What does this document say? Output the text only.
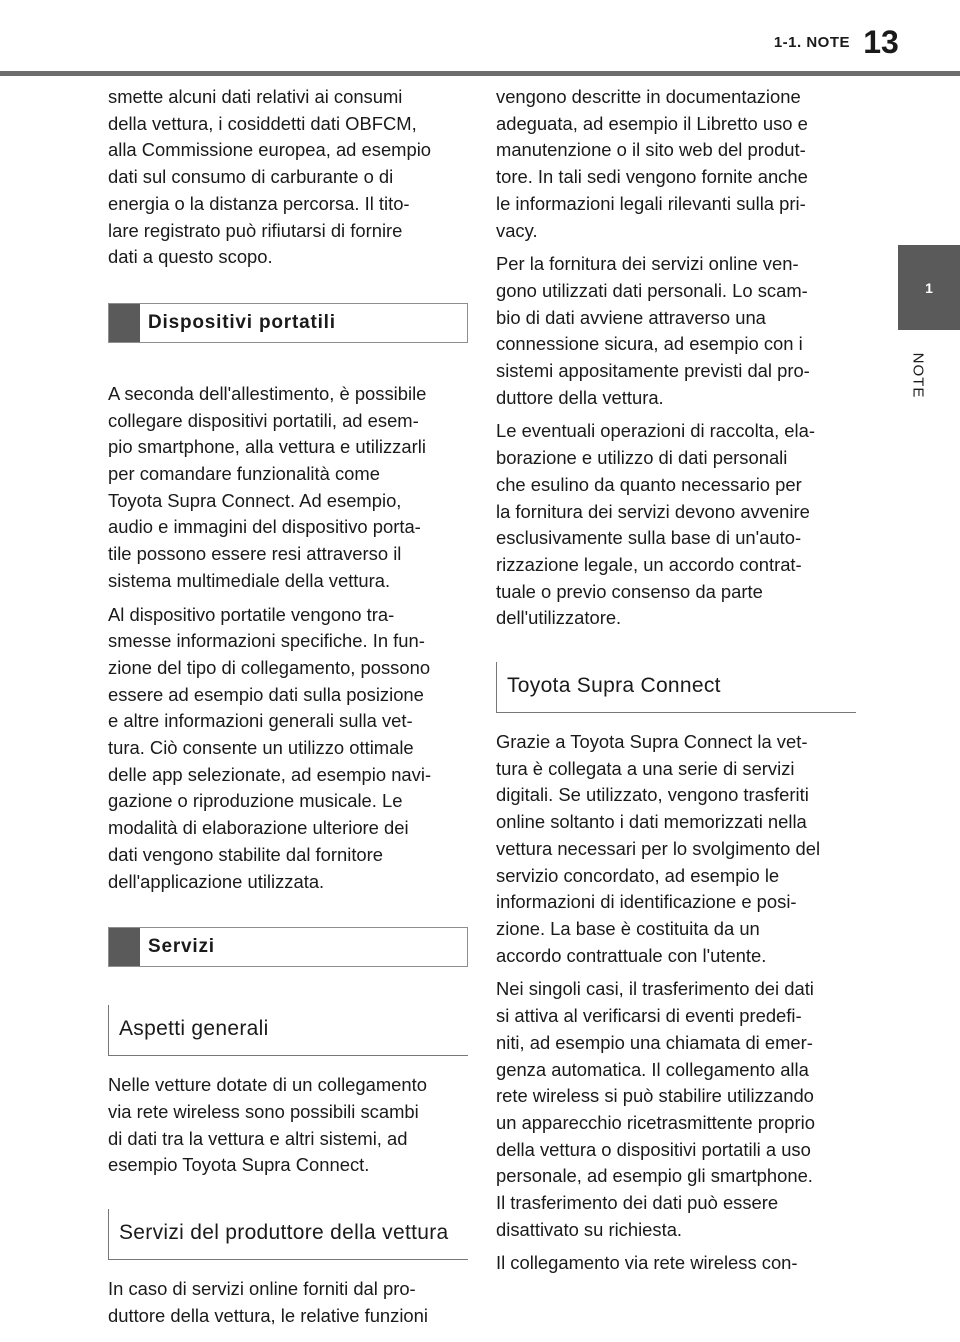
1-1. NOTE 13
1
NOTE

smette alcuni dati relativi ai consumi
della vettura, i cosiddetti dati OBFCM,
alla Commissione europea, ad esempio
dati sul consumo di carburante o di
energia o la distanza percorsa. Il tito-
lare registrato può rifiutarsi di fornire
dati a questo scopo.

Dispositivi portatili

A seconda dell'allestimento, è possibile
collegare dispositivi portatili, ad esem-
pio smartphone, alla vettura e utilizzarli
per comandare funzionalità come
Toyota Supra Connect. Ad esempio,
audio e immagini del dispositivo porta-
tile possono essere resi attraverso il
sistema multimediale della vettura.

Al dispositivo portatile vengono tra-
smesse informazioni specifiche. In fun-
zione del tipo di collegamento, possono
essere ad esempio dati sulla posizione
e altre informazioni generali sulla vet-
tura. Ciò consente un utilizzo ottimale
delle app selezionate, ad esempio navi-
gazione o riproduzione musicale. Le
modalità di elaborazione ulteriore dei
dati vengono stabilite dal fornitore
dell'applicazione utilizzata.

Servizi
Aspetti generali

Nelle vetture dotate di un collegamento
via rete wireless sono possibili scambi
di dati tra la vettura e altri sistemi, ad
esempio Toyota Supra Connect.

Servizi del produttore della vettura

In caso di servizi online forniti dal pro-
duttore della vettura, le relative funzioni

vengono descritte in documentazione
adeguata, ad esempio il Libretto uso e
manutenzione o il sito web del produt-
tore. In tali sedi vengono fornite anche
le informazioni legali rilevanti sulla pri-
vacy.

Per la fornitura dei servizi online ven-
gono utilizzati dati personali. Lo scam-
bio di dati avviene attraverso una
connessione sicura, ad esempio con i
sistemi appositamente previsti dal pro-
duttore della vettura.

Le eventuali operazioni di raccolta, ela-
borazione e utilizzo di dati personali
che esulino da quanto necessario per
la fornitura dei servizi devono avvenire
esclusivamente sulla base di un'auto-
rizzazione legale, un accordo contrat-
tuale o previo consenso da parte
dell'utilizzatore.

Toyota Supra Connect

Grazie a Toyota Supra Connect la vet-
tura è collegata a una serie di servizi
digitali. Se utilizzato, vengono trasferiti
online soltanto i dati memorizzati nella
vettura necessari per lo svolgimento del
servizio concordato, ad esempio le
informazioni di identificazione e posi-
zione. La base è costituita da un
accordo contrattuale con l'utente.

Nei singoli casi, il trasferimento dei dati
si attiva al verificarsi di eventi predefi-
niti, ad esempio una chiamata di emer-
genza automatica. Il collegamento alla
rete wireless si può stabilire utilizzando
un apparecchio ricetrasmittente proprio
della vettura o dispositivi portatili a uso
personale, ad esempio gli smartphone.
Il trasferimento dei dati può essere
disattivato su richiesta.

Il collegamento via rete wireless con-
